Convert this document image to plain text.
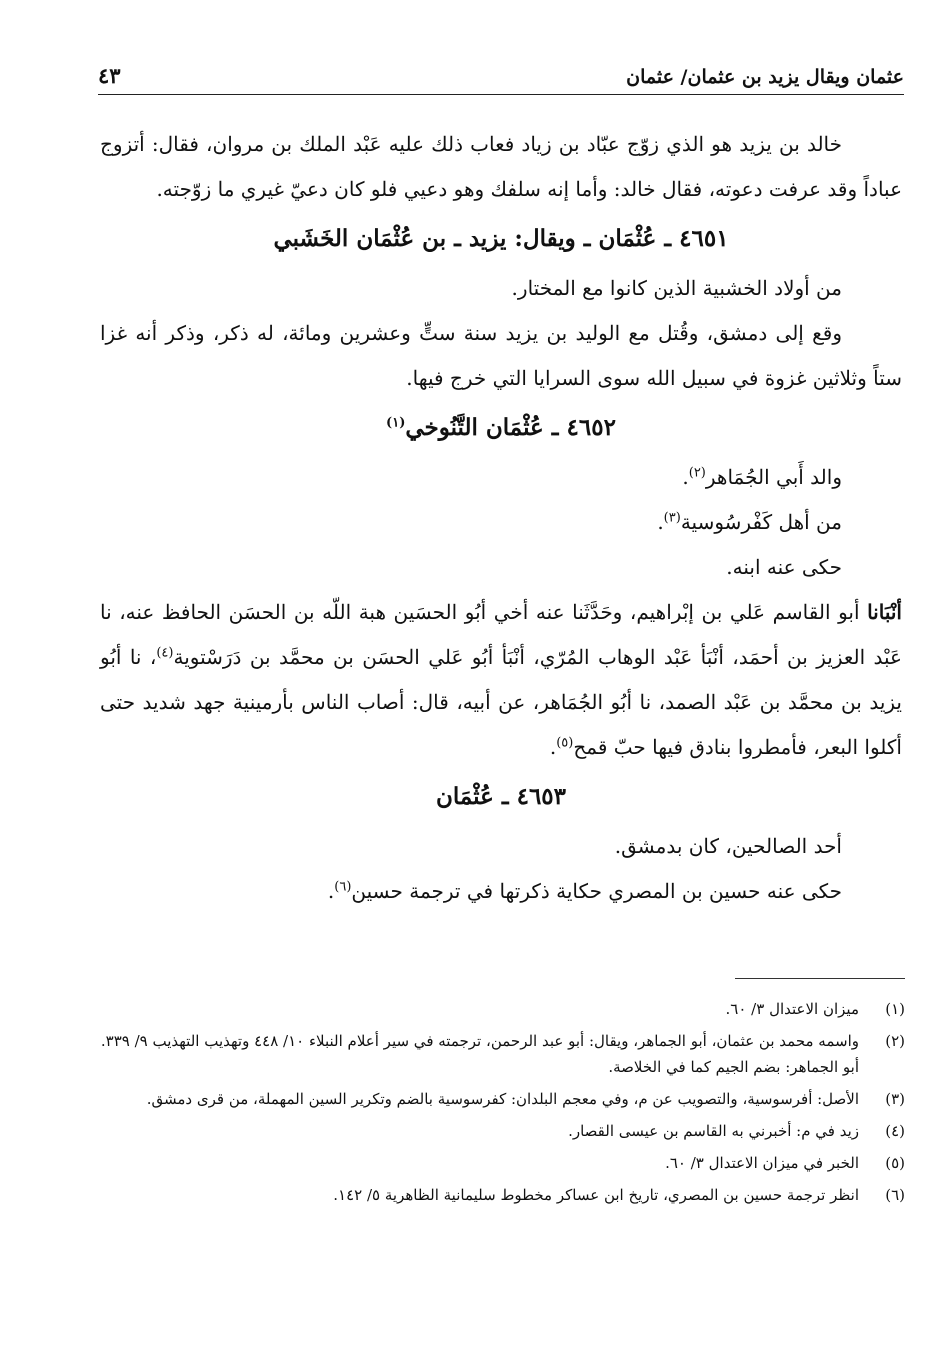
عثمان ويقال يزيد بن عثمان/ عثمان
٤٣

خالد بن يزيد هو الذي زوّج عبّاد بن زياد فعاب ذلك عليه عَبْد الملك بن مروان، فقال: أتزوج عباداً وقد عرفت دعوته، فقال خالد: وأما إنه سلفك وهو دعيي فلو كان دعيّ غيري ما زوّجته.

٤٦٥١ ـ عُثْمَان ـ ويقال: يزيد ـ بن عُثْمَان الخَشَبي

من أولاد الخشبية الذين كانوا مع المختار.

وقع إلى دمشق، وقُتل مع الوليد بن يزيد سنة ستٍّ وعشرين ومائة، له ذكر، وذكر أنه غزا ستاً وثلاثين غزوة في سبيل الله سوى السرايا التي خرج فيها.

٤٦٥٢ ـ عُثْمَان التَّنُوخي$^{(١)}$

والد أَبي الجُمَاهر$^{(٢)}$.

من أهل كَفْرسُوسية$^{(٣)}$.

حكى عنه ابنه.

أنْبَانا أبو القاسم عَلي بن إبْراهيم، وحَدَّثَنا عنه أخي أبُو الحسَين هبة اللّه بن الحسَن الحافظ عنه، نا عَبْد العزيز بن أحمَد، أنْبَأ عَبْد الوهاب المُرّي، أنْبَأ أبُو عَلي الحسَن بن محمَّد بن دَرَسْتوية$^{(٤)}$، نا أبُو يزيد بن محمَّد بن عَبْد الصمد، نا أبُو الجُمَاهر، عن أبيه، قال: أصاب الناس بأرمينية جهد شديد حتى أكلوا البعر، فأمطروا بنادق فيها حبّ قمح$^{(٥)}$.

٤٦٥٣ ـ عُثْمَان

أحد الصالحين، كان بدمشق.

حكى عنه حسين بن المصري حكاية ذكرتها في ترجمة حسين$^{(٦)}$.

(١)
ميزان الاعتدال ٣/ ٦٠.
(٢)
واسمه محمد بن عثمان، أبو الجماهر، ويقال: أبو عبد الرحمن، ترجمته في سير أعلام النبلاء ١٠/ ٤٤٨ وتهذيب التهذيب ٩/ ٣٣٩.
أبو الجماهر: بضم الجيم كما في الخلاصة.
(٣)
الأصل: أفرسوسية، والتصويب عن م، وفي معجم البلدان: كفرسوسية بالضم وتكرير السين المهملة، من قرى دمشق.
(٤)
زيد في م: أخبرني به القاسم بن عيسى القصار.
(٥)
الخبر في ميزان الاعتدال ٣/ ٦٠.
(٦)
انظر ترجمة حسين بن المصري، تاريخ ابن عساكر مخطوط سليمانية الظاهرية ٥/ ١٤٢.
